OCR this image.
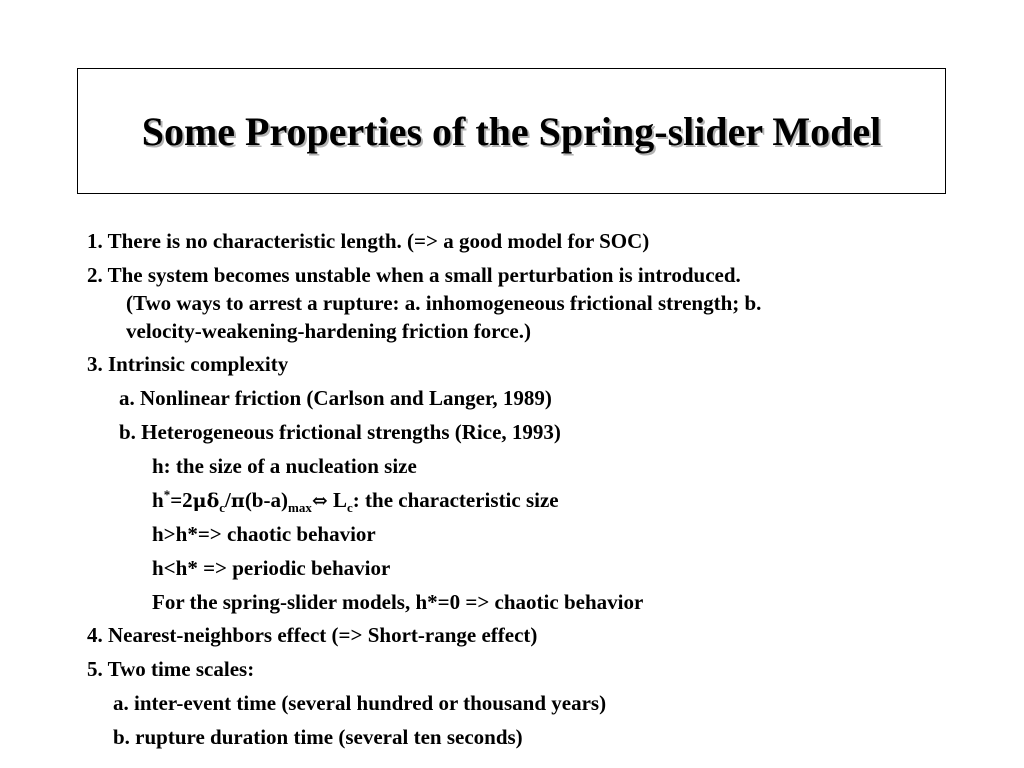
Some Properties of the Spring-slider Model
1. There is no characteristic length. (=> a good model for SOC)
2. The system becomes unstable when a small perturbation is introduced.
(Two ways to arrest a rupture: a. inhomogeneous frictional strength; b.
velocity-weakening-hardening friction force.)
3. Intrinsic complexity
a. Nonlinear friction (Carlson and Langer, 1989)
b. Heterogeneous frictional strengths (Rice, 1993)
h: the size of a nucleation size
$h^*=2\mu\delta_c/\pi(b-a)_{max}\Leftrightarrow$ $L_c$: the characteristic size
h>h*=> chaotic behavior
h<h* => periodic behavior
For the spring-slider models, h*=0 => chaotic behavior
4. Nearest-neighbors effect (=> Short-range effect)
5. Two time scales:
a. inter-event time (several hundred or thousand years)
b. rupture duration time (several ten seconds)
